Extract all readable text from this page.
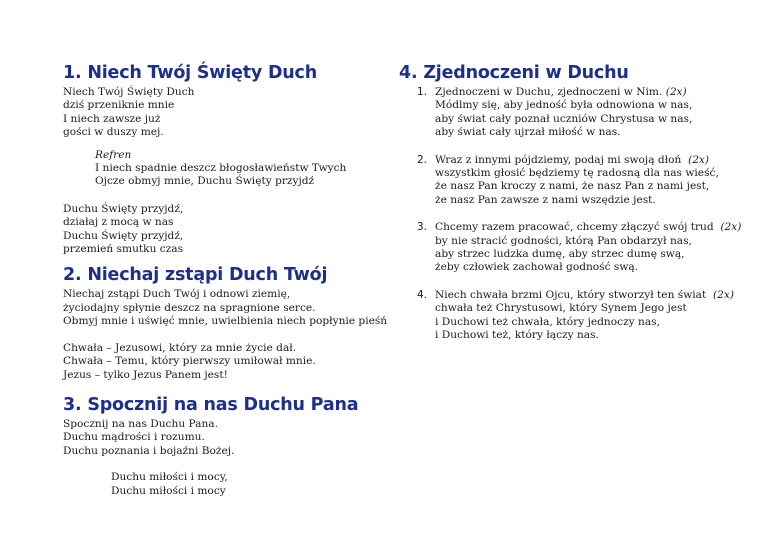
1. Niech Twój Święty Duch
Niech Twój Święty Duch
dziś przeniknie mnie
I niech zawsze już
gości w duszy mej.
Refren
I niech spadnie deszcz błogosławieństw Twych
Ojcze obmyj mnie, Duchu Święty przyjdź
Duchu Święty przyjdź,
działaj z mocą w nas
Duchu Święty przyjdź,
przemień smutku czas
2. Niechaj zstąpi Duch Twój
Niechaj zstąpi Duch Twój i odnowi ziemię,
życiodajny spłynie deszcz na spragnione serce.
Obmyj mnie i uświęć mnie, uwielbienia niech popłynie pieśń
Chwała – Jezusowi, który za mnie życie dał.
Chwała – Temu, który pierwszy umiłował mnie.
Jezus – tylko Jezus Panem jest!
3. Spocznij na nas Duchu Pana
Spocznij na nas Duchu Pana.
Duchu mądrości i rozumu.
Duchu poznania i bojaźni Bożej.
Duchu miłości i mocy,
Duchu miłości i mocy
4. Zjednoczeni w Duchu
1. Zjednoczeni w Duchu, zjednoczeni w Nim. (2x)
Módlmy się, aby jedność była odnowiona w nas,
aby świat cały poznał uczniów Chrystusa w nas,
aby świat cały ujrzał miłość w nas.
2. Wraz z innymi pójdziemy, podaj mi swoją dłoń (2x)
wszystkim głosić będziemy tę radosną dla nas wieść,
że nasz Pan kroczy z nami, że nasz Pan z nami jest,
że nasz Pan zawsze z nami wszędzie jest.
3. Chcemy razem pracować, chcemy złączyć swój trud (2x)
by nie stracić godności, którą Pan obdarzył nas,
aby strzec ludzka dumę, aby strzec dumę swą,
żeby człowiek zachował godność swą.
4. Niech chwała brzmi Ojcu, który stworzył ten świat (2x)
chwała też Chrystusowi, który Synem Jego jest
i Duchowi też chwała, który jednoczy nas,
i Duchowi też, który łączy nas.
